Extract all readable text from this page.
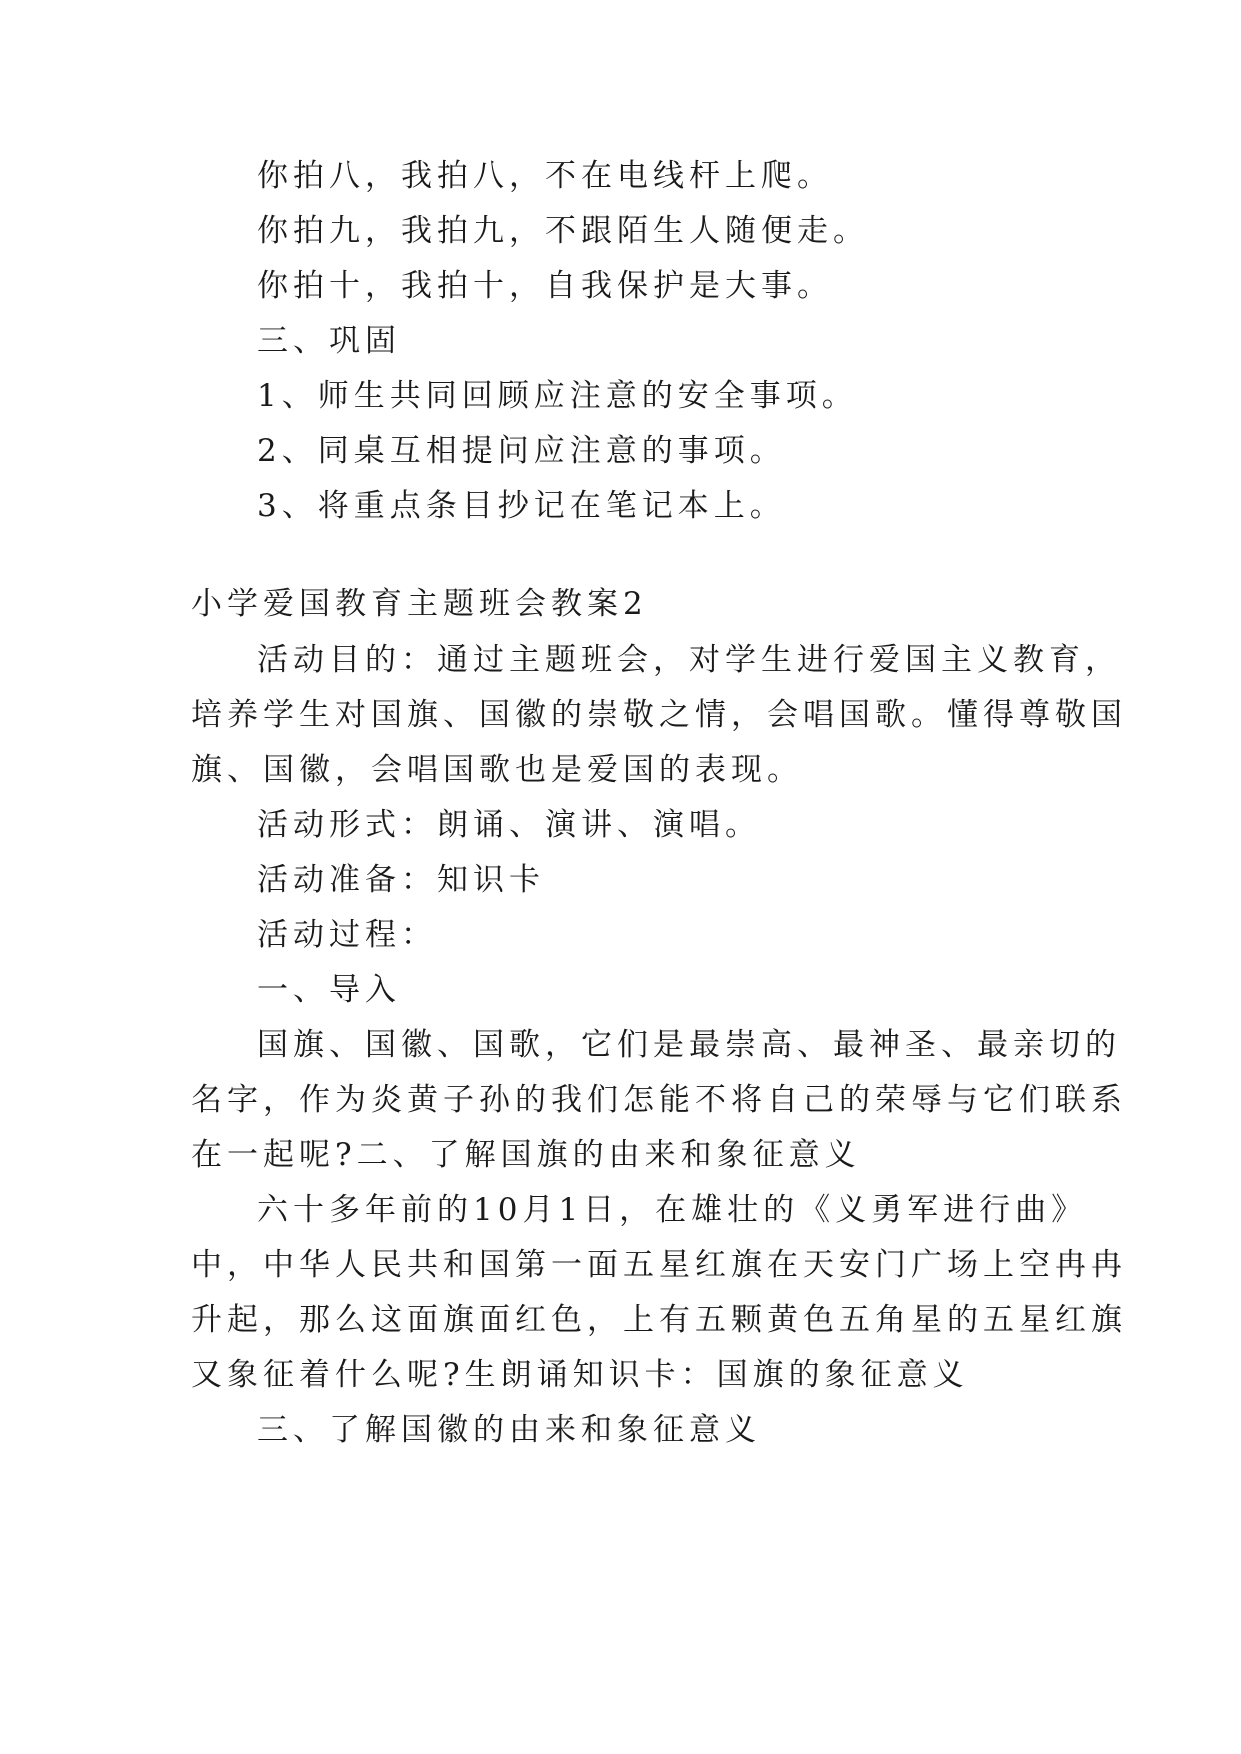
你拍八，我拍八，不在电线杆上爬。
你拍九，我拍九，不跟陌生人随便走。
你拍十，我拍十，自我保护是大事。
三、巩固
1、师生共同回顾应注意的安全事项。
2、同桌互相提问应注意的事项。
3、将重点条目抄记在笔记本上。
小学爱国教育主题班会教案2
活动目的：通过主题班会，对学生进行爱国主义教育，
培养学生对国旗、国徽的崇敬之情，会唱国歌。懂得尊敬国
旗、国徽，会唱国歌也是爱国的表现。
活动形式：朗诵、演讲、演唱。
活动准备：知识卡
活动过程：
一、导入
国旗、国徽、国歌，它们是最崇高、最神圣、最亲切的
名字，作为炎黄子孙的我们怎能不将自己的荣辱与它们联系
在一起呢?二、了解国旗的由来和象征意义
六十多年前的10月1日，在雄壮的《义勇军进行曲》
中，中华人民共和国第一面五星红旗在天安门广场上空冉冉
升起，那么这面旗面红色，上有五颗黄色五角星的五星红旗
又象征着什么呢?生朗诵知识卡：国旗的象征意义
三、了解国徽的由来和象征意义
